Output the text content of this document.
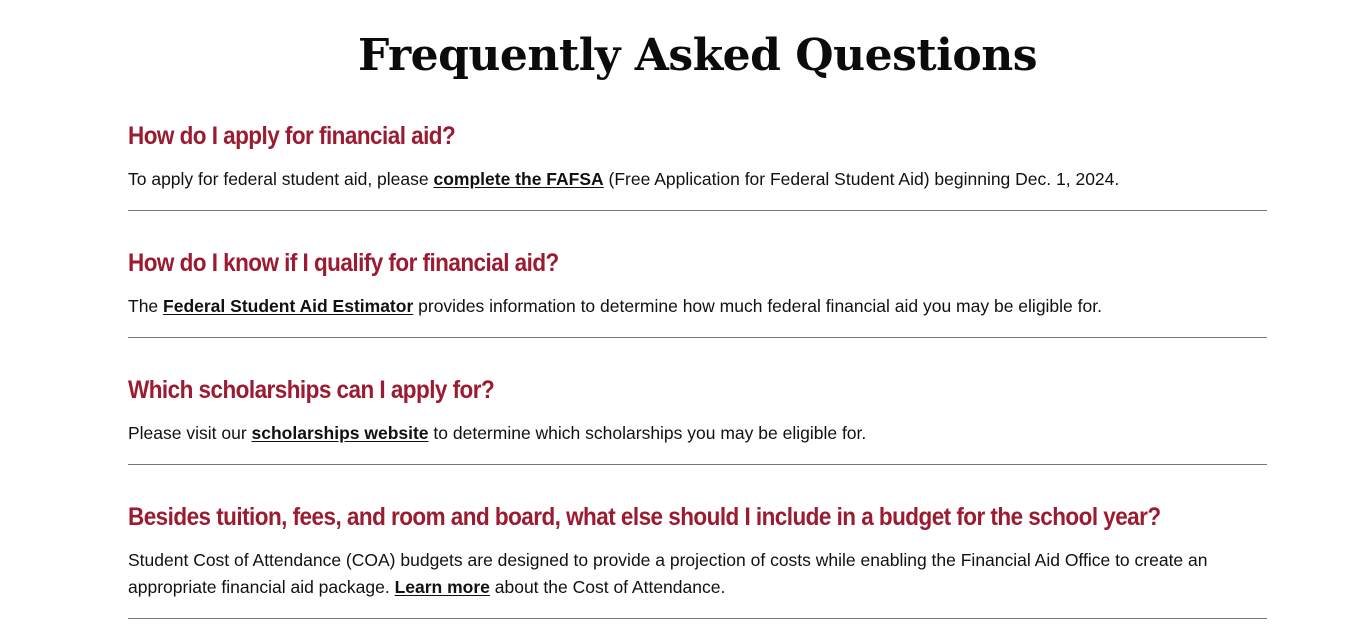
Frequently Asked Questions
How do I apply for financial aid?

To apply for federal student aid, please complete the FAFSA (Free Application for Federal Student Aid) beginning Dec. 1, 2024.

How do I know if I qualify for financial aid?

The Federal Student Aid Estimator provides information to determine how much federal financial aid you may be eligible for.

Which scholarships can I apply for?

Please visit our scholarships website to determine which scholarships you may be eligible for.

Besides tuition, fees, and room and board, what else should I include in a budget for the school year?

Student Cost of Attendance (COA) budgets are designed to provide a projection of costs while enabling the Financial Aid Office to create an appropriate financial aid package. Learn more about the Cost of Attendance.
